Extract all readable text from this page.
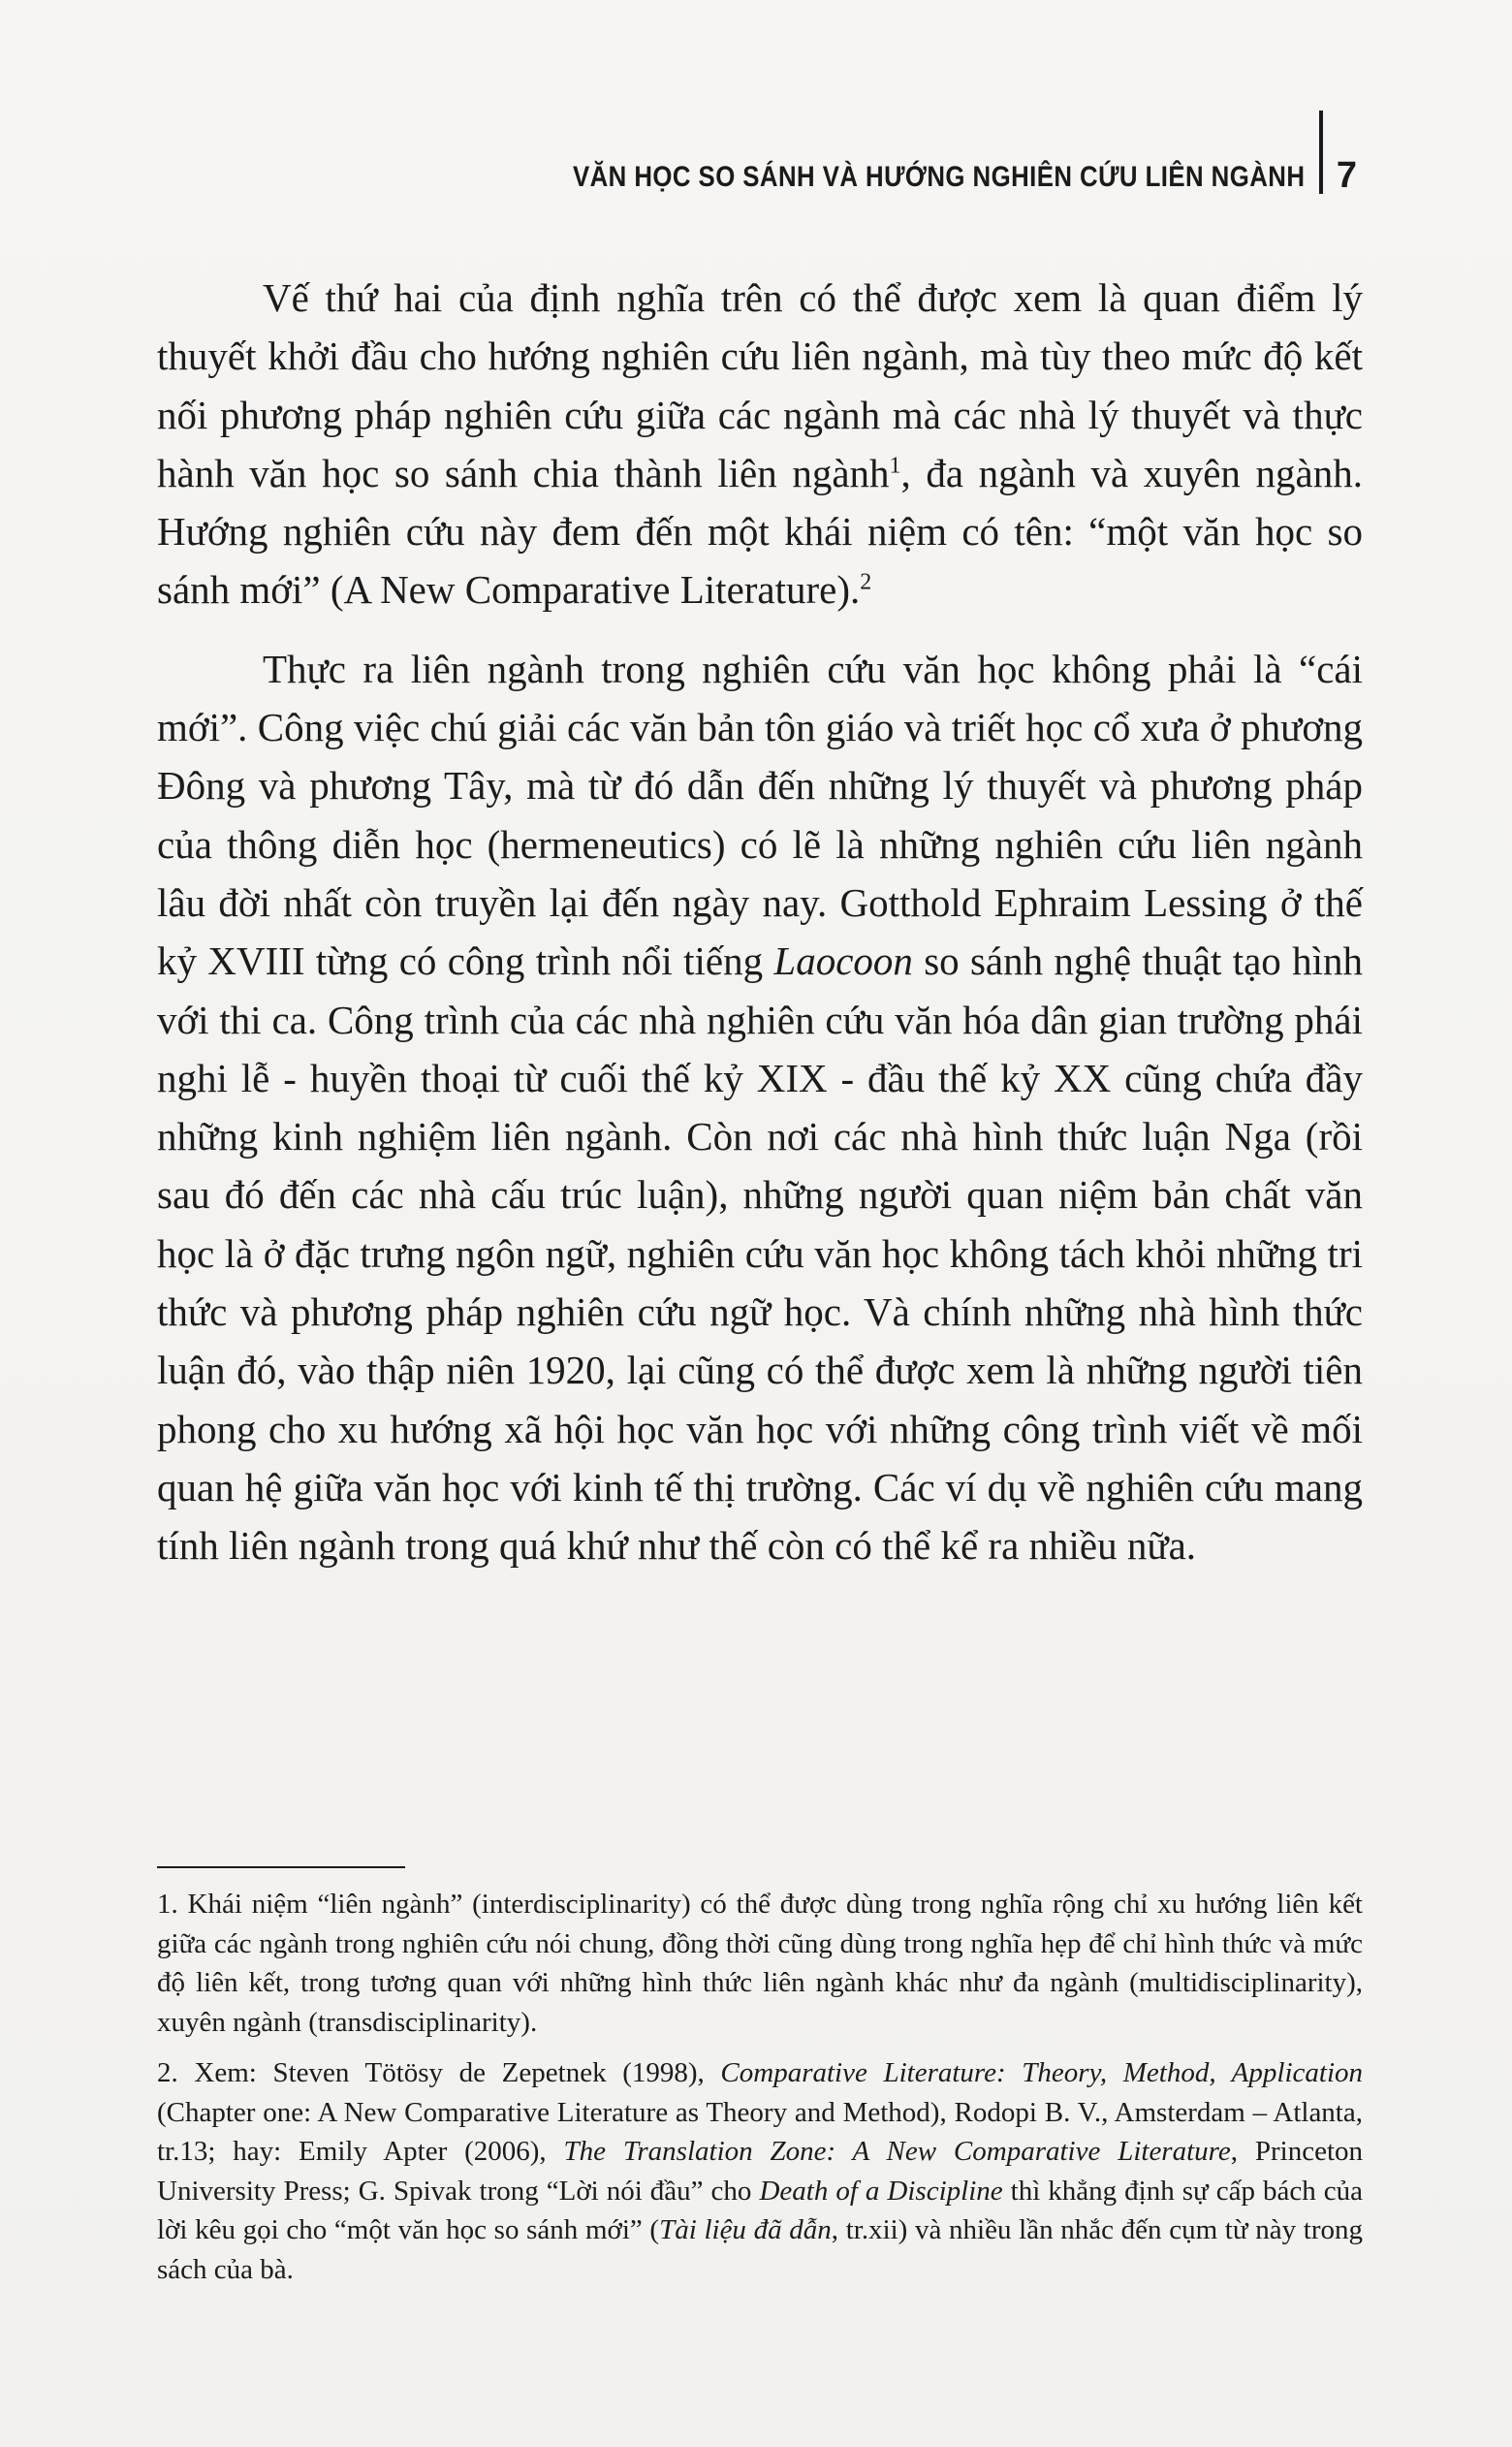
VĂN HỌC SO SÁNH VÀ HƯỚNG NGHIÊN CỨU LIÊN NGÀNH 7

Vế thứ hai của định nghĩa trên có thể được xem là quan điểm lý thuyết khởi đầu cho hướng nghiên cứu liên ngành, mà tùy theo mức độ kết nối phương pháp nghiên cứu giữa các ngành mà các nhà lý thuyết và thực hành văn học so sánh chia thành liên ngành$^1$, đa ngành và xuyên ngành. Hướng nghiên cứu này đem đến một khái niệm có tên: “một văn học so sánh mới” (A New Comparative Literature).$^2$

Thực ra liên ngành trong nghiên cứu văn học không phải là “cái mới”. Công việc chú giải các văn bản tôn giáo và triết học cổ xưa ở phương Đông và phương Tây, mà từ đó dẫn đến những lý thuyết và phương pháp của thông diễn học (hermeneutics) có lẽ là những nghiên cứu liên ngành lâu đời nhất còn truyền lại đến ngày nay. Gotthold Ephraim Lessing ở thế kỷ XVIII từng có công trình nổi tiếng Laocoon so sánh nghệ thuật tạo hình với thi ca. Công trình của các nhà nghiên cứu văn hóa dân gian trường phái nghi lễ - huyền thoại từ cuối thế kỷ XIX - đầu thế kỷ XX cũng chứa đầy những kinh nghiệm liên ngành. Còn nơi các nhà hình thức luận Nga (rồi sau đó đến các nhà cấu trúc luận), những người quan niệm bản chất văn học là ở đặc trưng ngôn ngữ, nghiên cứu văn học không tách khỏi những tri thức và phương pháp nghiên cứu ngữ học. Và chính những nhà hình thức luận đó, vào thập niên 1920, lại cũng có thể được xem là những người tiên phong cho xu hướng xã hội học văn học với những công trình viết về mối quan hệ giữa văn học với kinh tế thị trường. Các ví dụ về nghiên cứu mang tính liên ngành trong quá khứ như thế còn có thể kể ra nhiều nữa.

1. Khái niệm “liên ngành” (interdisciplinarity) có thể được dùng trong nghĩa rộng chỉ xu hướng liên kết giữa các ngành trong nghiên cứu nói chung, đồng thời cũng dùng trong nghĩa hẹp để chỉ hình thức và mức độ liên kết, trong tương quan với những hình thức liên ngành khác như đa ngành (multidisciplinarity), xuyên ngành (transdisciplinarity).

2. Xem: Steven Tötösy de Zepetnek (1998), Comparative Literature: Theory, Method, Application (Chapter one: A New Comparative Literature as Theory and Method), Rodopi B. V., Amsterdam – Atlanta, tr.13; hay: Emily Apter (2006), The Translation Zone: A New Comparative Literature, Princeton University Press; G. Spivak trong “Lời nói đầu” cho Death of a Discipline thì khẳng định sự cấp bách của lời kêu gọi cho “một văn học so sánh mới” (Tài liệu đã dẫn, tr.xii) và nhiều lần nhắc đến cụm từ này trong sách của bà.
